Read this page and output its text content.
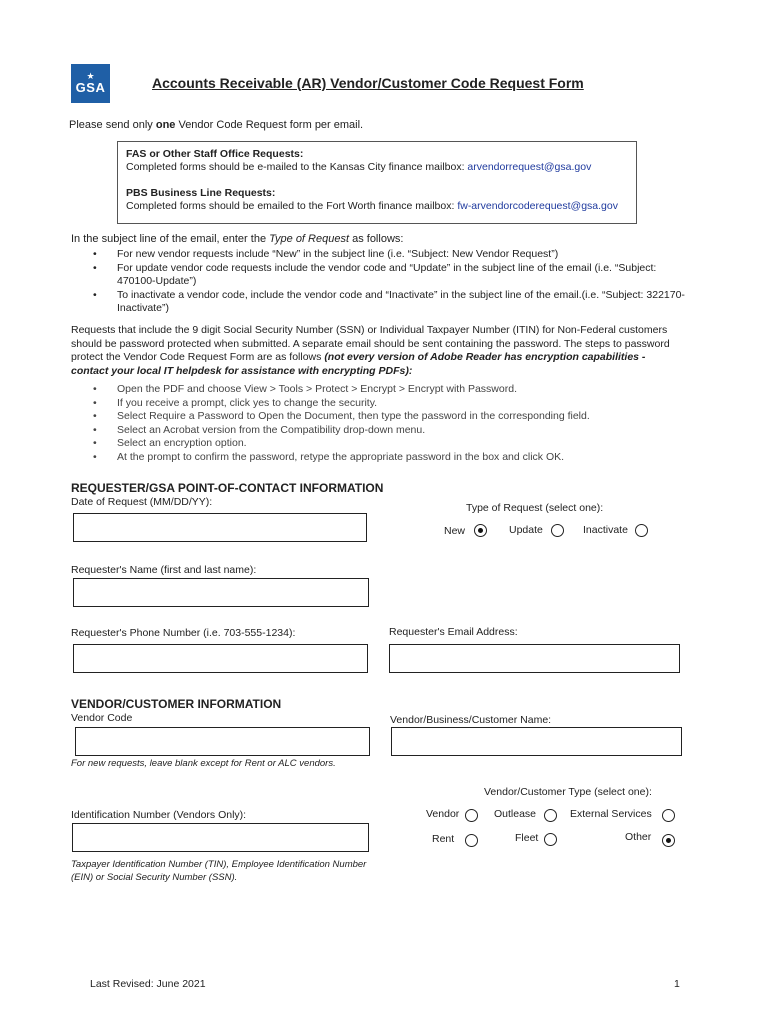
★
GSA	Accounts Receivable (AR) Vendor/Customer Code Request Form
Please send only one Vendor Code Request form per email.
FAS or Other Staff Office Requests:
Completed forms should be e-mailed to the Kansas City finance mailbox: arvendorrequest@gsa.gov
PBS Business Line Requests:
Completed forms should be emailed to the Fort Worth finance mailbox: fw-arvendorcoderequest@gsa.gov
In the subject line of the email, enter the Type of Request as follows:
• For new vendor requests include “New” in the subject line (i.e. “Subject: New Vendor Request”)
• For update vendor code requests include the vendor code and “Update” in the subject line of the email (i.e. “Subject: 470100-Update”)
• To inactivate a vendor code, include the vendor code and “Inactivate” in the subject line of the email.(i.e. “Subject: 322170-Inactivate”)
Requests that include the 9 digit Social Security Number (SSN) or Individual Taxpayer Number (ITIN) for Non-Federal customers should be password protected when submitted. A separate email should be sent containing the password. The steps to password protect the Vendor Code Request Form are as follows (not every version of Adobe Reader has encryption capabilities - contact your local IT helpdesk for assistance with encrypting PDFs):
• Open the PDF and choose View > Tools > Protect > Encrypt > Encrypt with Password.
• If you receive a prompt, click yes to change the security.
• Select Require a Password to Open the Document, then type the password in the corresponding field.
• Select an Acrobat version from the Compatibility drop-down menu.
• Select an encryption option.
• At the prompt to confirm the password, retype the appropriate password in the box and click OK.
REQUESTER/GSA POINT-OF-CONTACT INFORMATION
Date of Request (MM/DD/YY):	Type of Request (select one):
New	Update	Inactivate
Requester's Name (first and last name):
Requester's Phone Number (i.e. 703-555-1234):	Requester's Email Address:
VENDOR/CUSTOMER INFORMATION
Vendor Code	Vendor/Business/Customer Name:
For new requests, leave blank except for Rent or ALC vendors.
Vendor/Customer Type (select one):
Vendor	Outlease	External Services
Rent	Fleet	Other
Identification Number (Vendors Only):
Taxpayer Identification Number (TIN), Employee Identification Number (EIN) or Social Security Number (SSN).
Last Revised: June 2021	1
